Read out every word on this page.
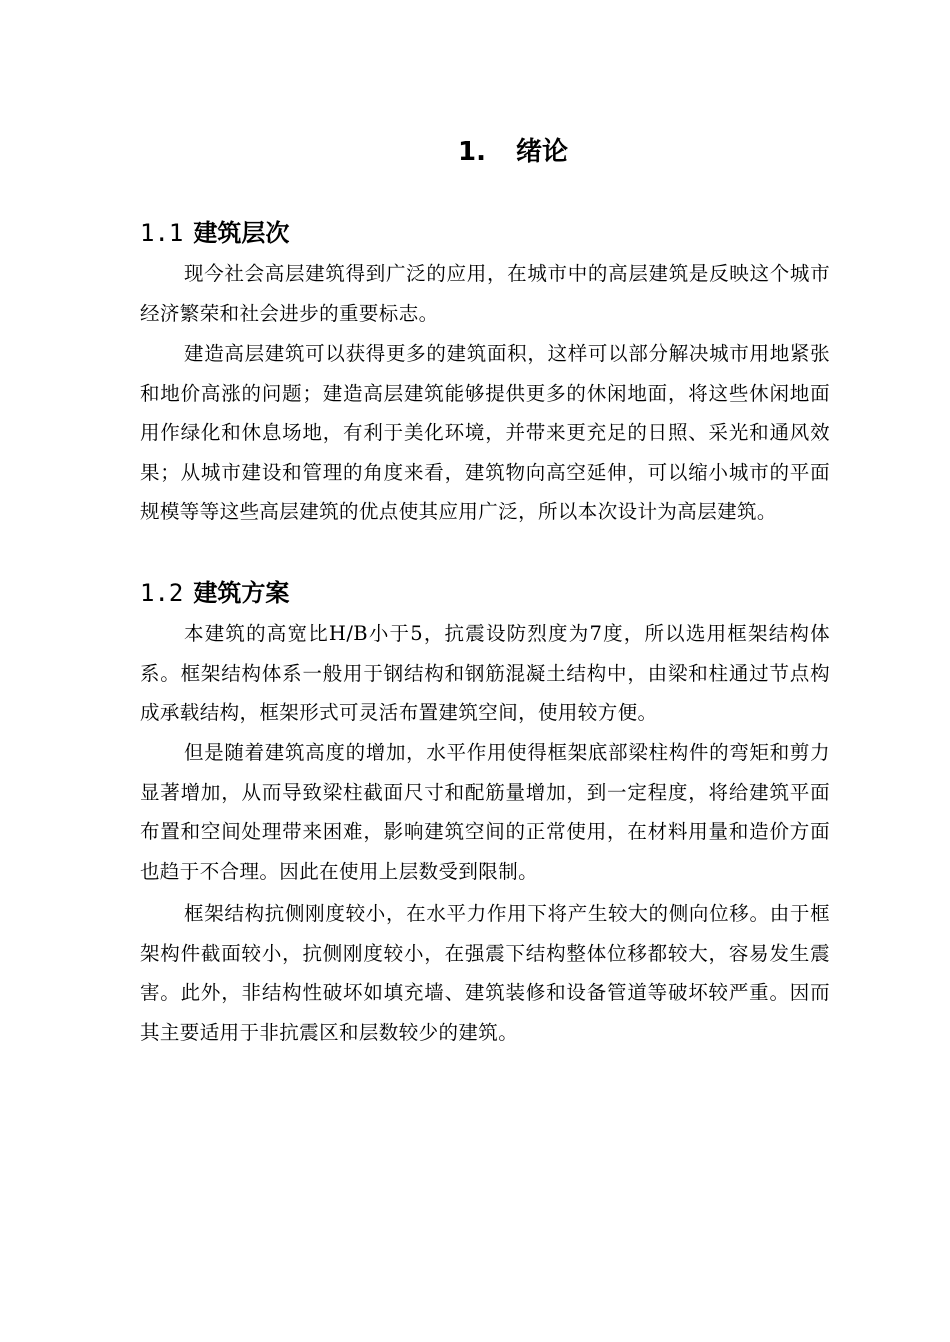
1. 绪论
1.1 建筑层次

现今社会高层建筑得到广泛的应用，在城市中的高层建筑是反映这个城市经济繁荣和社会进步的重要标志。

建造高层建筑可以获得更多的建筑面积，这样可以部分解决城市用地紧张和地价高涨的问题；建造高层建筑能够提供更多的休闲地面，将这些休闲地面用作绿化和休息场地，有利于美化环境，并带来更充足的日照、采光和通风效果；从城市建设和管理的角度来看，建筑物向高空延伸，可以缩小城市的平面规模等等这些高层建筑的优点使其应用广泛，所以本次设计为高层建筑。

1.2 建筑方案

本建筑的高宽比H/B小于5，抗震设防烈度为7度，所以选用框架结构体系。框架结构体系一般用于钢结构和钢筋混凝土结构中，由梁和柱通过节点构成承载结构，框架形式可灵活布置建筑空间，使用较方便。

但是随着建筑高度的增加，水平作用使得框架底部梁柱构件的弯矩和剪力显著增加，从而导致梁柱截面尺寸和配筋量增加，到一定程度，将给建筑平面布置和空间处理带来困难，影响建筑空间的正常使用，在材料用量和造价方面也趋于不合理。因此在使用上层数受到限制。

框架结构抗侧刚度较小，在水平力作用下将产生较大的侧向位移。由于框架构件截面较小，抗侧刚度较小，在强震下结构整体位移都较大，容易发生震害。此外，非结构性破坏如填充墙、建筑装修和设备管道等破坏较严重。因而其主要适用于非抗震区和层数较少的建筑。
